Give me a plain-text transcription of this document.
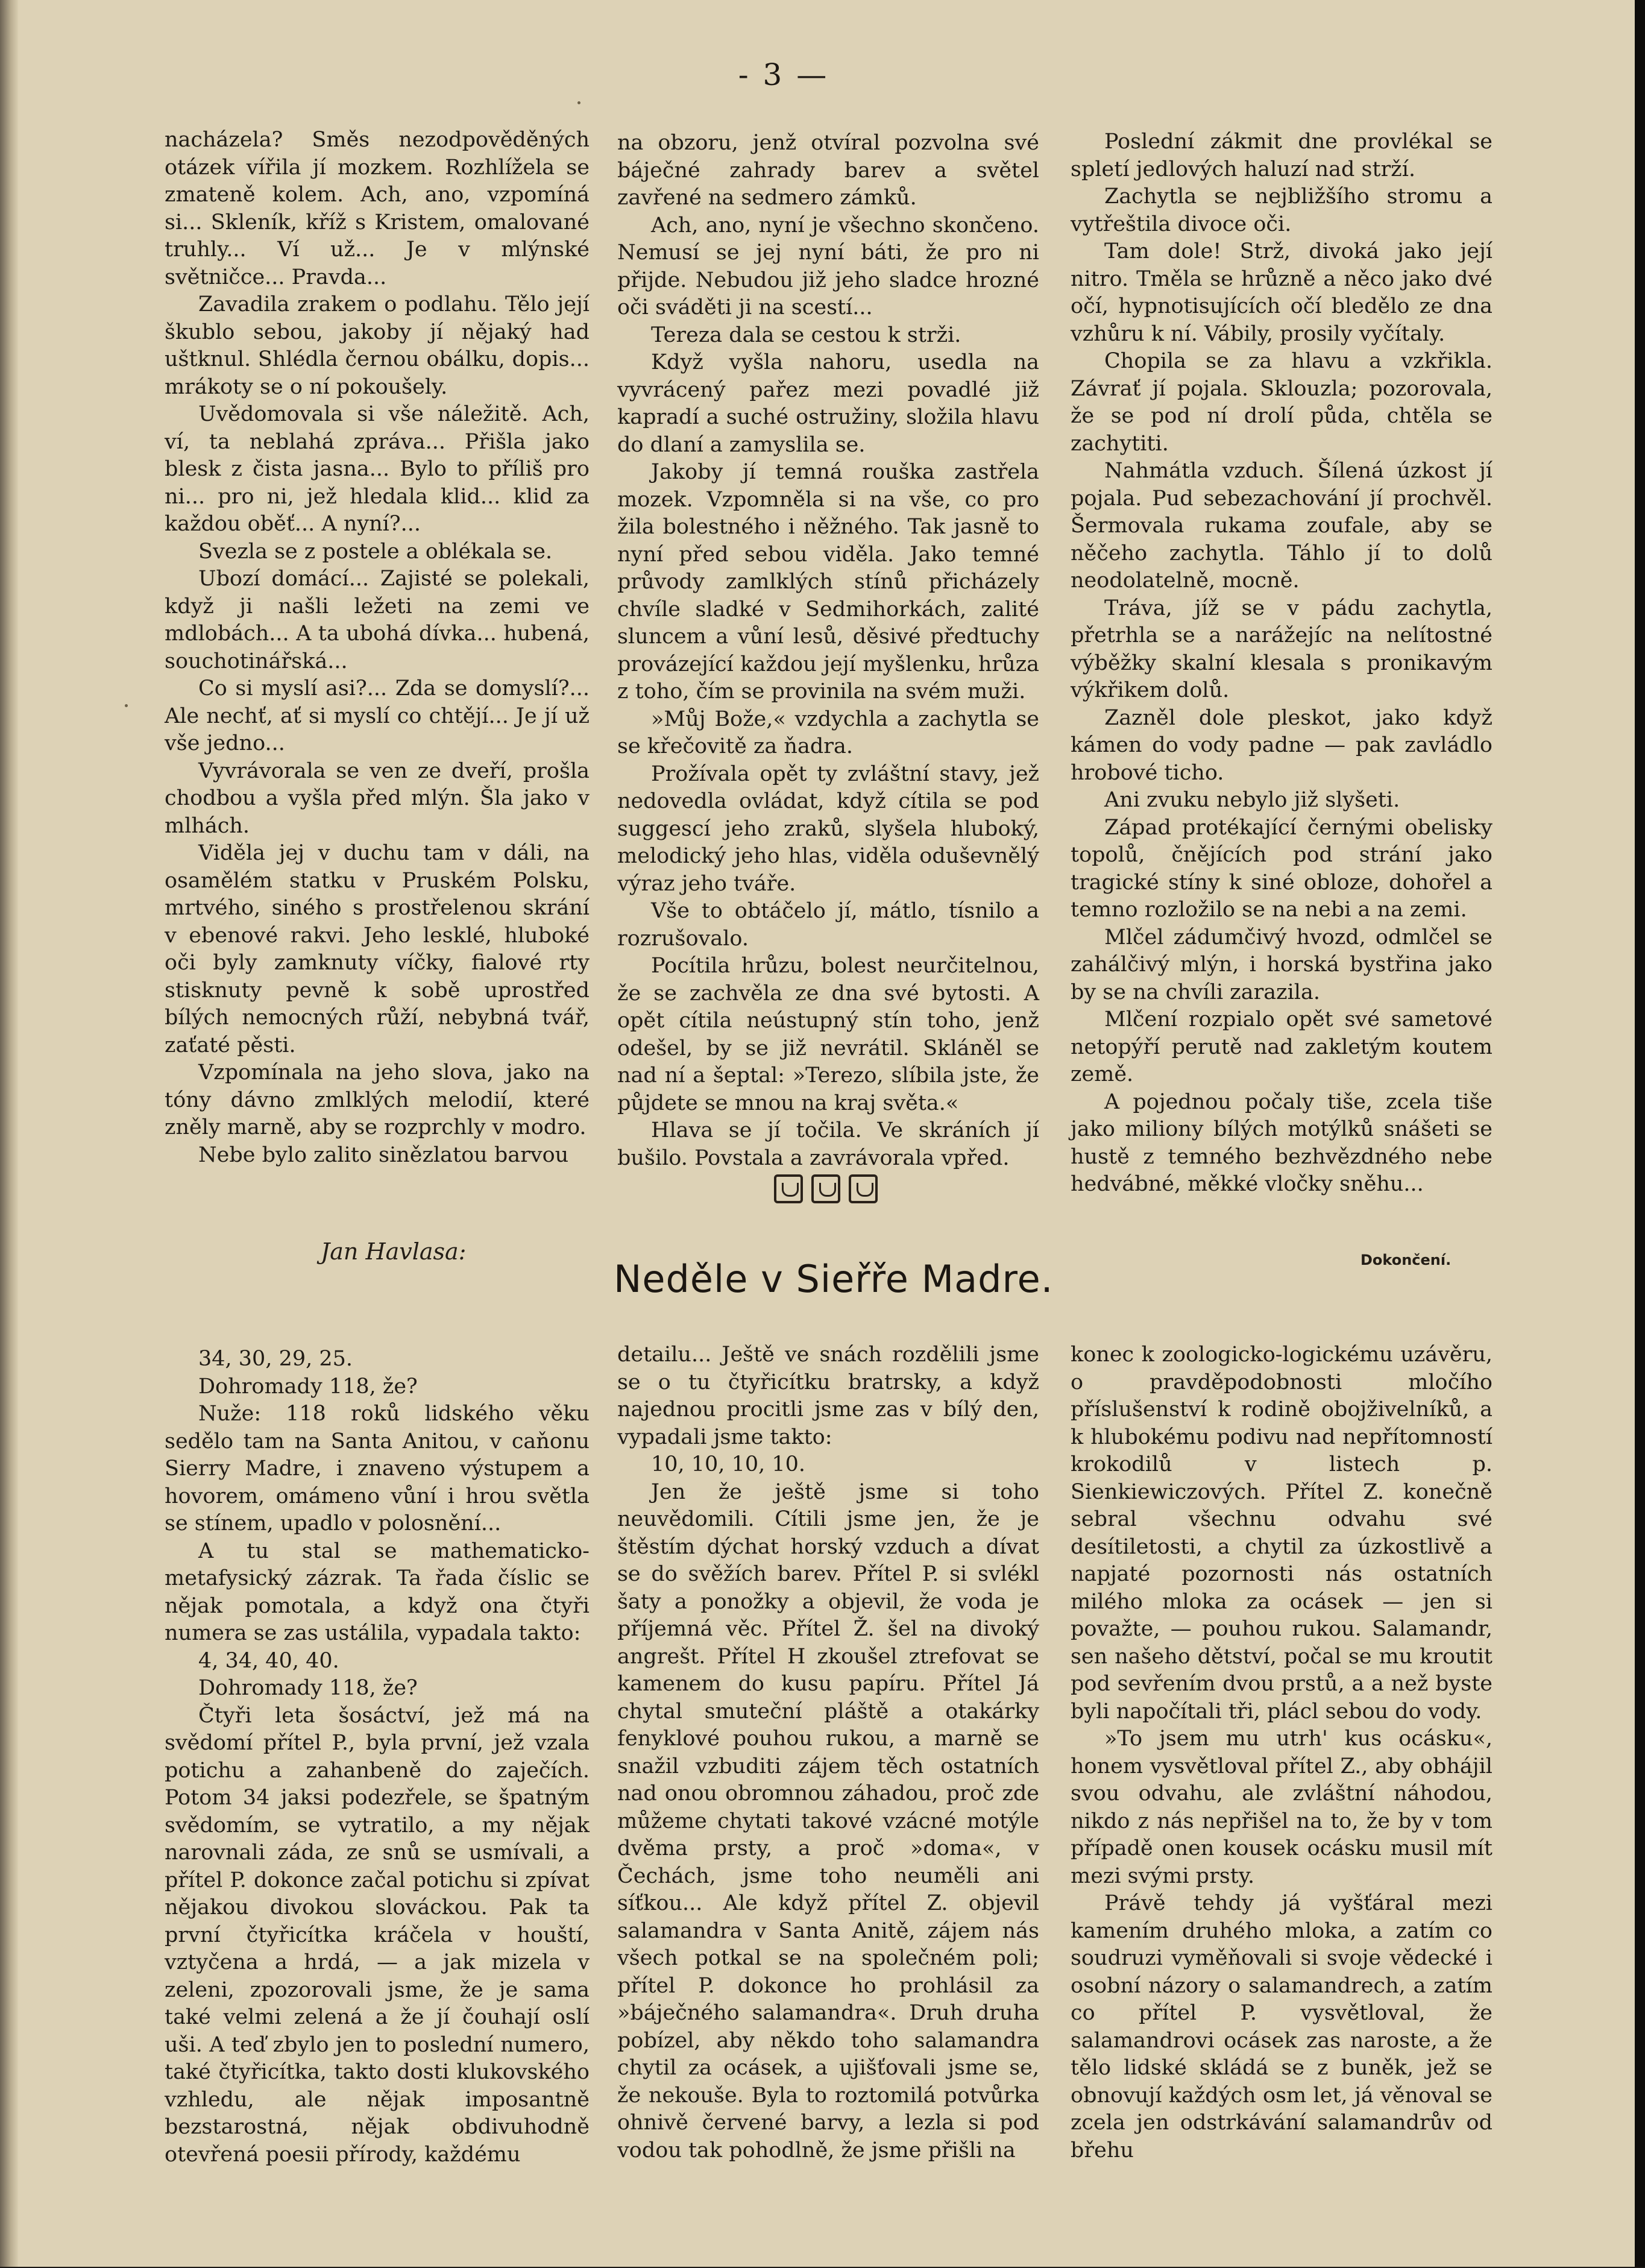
- 3 —

nacházela? Směs nezodpověděných otázek vířila jí mozkem. Rozhlížela se zmateně kolem. Ach, ano, vzpomíná si... Skleník, kříž s Kristem, omalované truhly... Ví už... Je v mlýnské světničce... Pravda...

Zavadila zrakem o podlahu. Tělo její škublo sebou, jakoby jí nějaký had uštknul. Shlédla černou obálku, dopis... mrákoty se o ní pokoušely.

Uvědomovala si vše náležitě. Ach, ví, ta neblahá zpráva... Přišla jako blesk z čista jasna... Bylo to příliš pro ni... pro ni, jež hledala klid... klid za každou oběť... A nyní?...

Svezla se z postele a oblékala se.

Ubozí domácí... Zajisté se polekali, když ji našli ležeti na zemi ve mdlobách... A ta ubohá dívka... hubená, souchotinářská...

Co si myslí asi?... Zda se domyslí?... Ale nechť, ať si myslí co chtějí... Je jí už vše jedno...

Vyvrávorala se ven ze dveří, prošla chodbou a vyšla před mlýn. Šla jako v mlhách.

Viděla jej v duchu tam v dáli, na osamělém statku v Pruském Polsku, mrtvého, siného s prostřelenou skrání v ebenové rakvi. Jeho lesklé, hluboké oči byly zamknuty víčky, fialové rty stisknuty pevně k sobě uprostřed bílých nemocných růží, nebybná tvář, zaťaté pěsti.

Vzpomínala na jeho slova, jako na tóny dávno zmlklých melodií, které zněly marně, aby se rozprchly v modro.

Nebe bylo zalito sinězlatou barvou

na obzoru, jenž otvíral pozvolna své báječné zahrady barev a světel zavřené na sedmero zámků.

Ach, ano, nyní je všechno skončeno. Nemusí se jej nyní báti, že pro ni přijde. Nebudou již jeho sladce hrozné oči sváděti ji na scestí...

Tereza dala se cestou k strži.

Když vyšla nahoru, usedla na vyvrácený pařez mezi povadlé již kapradí a suché ostružiny, složila hlavu do dlaní a zamyslila se.

Jakoby jí temná rouška zastřela mozek. Vzpomněla si na vše, co pro žila bolestného i něžného. Tak jasně to nyní před sebou viděla. Jako temné průvody zamlklých stínů přicházely chvíle sladké v Sedmihorkách, zalité sluncem a vůní lesů, děsivé předtuchy provázející každou její myšlenku, hrůza z toho, čím se provinila na svém muži.

»Můj Bože,« vzdychla a zachytla se se křečovitě za ňadra.

Prožívala opět ty zvláštní stavy, jež nedovedla ovládat, když cítila se pod suggescí jeho zraků, slyšela hluboký, melodický jeho hlas, viděla oduševnělý výraz jeho tváře.

Vše to obtáčelo jí, mátlo, tísnilo a rozrušovalo.

Pocítila hrůzu, bolest neurčitelnou, že se zachvěla ze dna své bytosti. A opět cítila neústupný stín toho, jenž odešel, by se již nevrátil. Skláněl se nad ní a šeptal: »Terezo, slíbila jste, že půjdete se mnou na kraj světa.«

Hlava se jí točila. Ve skráních jí bušilo. Povstala a zavrávorala vpřed.

Poslední zákmit dne provlékal se spletí jedlových haluzí nad strží.

Zachytla se nejbližšího stromu a vytřeštila divoce oči.

Tam dole! Strž, divoká jako její nitro. Tměla se hrůzně a něco jako dvé očí, hypnotisujících očí bledělo ze dna vzhůru k ní. Vábily, prosily vyčítaly.

Chopila se za hlavu a vzkřikla. Závrať jí pojala. Sklouzla; pozorovala, že se pod ní drolí půda, chtěla se zachytiti.

Nahmátla vzduch. Šílená úzkost jí pojala. Pud sebezachování jí prochvěl. Šermovala rukama zoufale, aby se něčeho zachytla. Táhlo jí to dolů neodolatelně, mocně.

Tráva, jíž se v pádu zachytla, přetrhla se a narážejíc na nelítostné výběžky skalní klesala s pronikavým výkřikem dolů.

Zazněl dole pleskot, jako když kámen do vody padne — pak zavládlo hrobové ticho.

Ani zvuku nebylo již slyšeti.

Západ protékající černými obelisky topolů, čnějících pod strání jako tragické stíny k siné obloze, dohořel a temno rozložilo se na nebi a na zemi.

Mlčel zádumčivý hvozd, odmlčel se zahálčivý mlýn, i horská bystřina jako by se na chvíli zarazila.

Mlčení rozpialo opět své sametové netopýří perutě nad zakletým koutem země.

A pojednou počaly tiše, zcela tiše jako miliony bílých motýlků snášeti se hustě z temného bezhvězdného nebe hedvábné, měkké vločky sněhu...

Jan Havlasa:
Neděle v Sieřře Madre.	Dokončení.

34, 30, 29, 25.

Dohromady 118, že?

Nuže: 118 roků lidského věku sedělo tam na Santa Anitou, v caňonu Sierry Madre, i znaveno výstupem a hovorem, omámeno vůní i hrou světla se stínem, upadlo v polosnění...

A tu stal se mathematicko-metafysický zázrak. Ta řada číslic se nějak pomotala, a když ona čtyři numera se zas ustálila, vypadala takto:

4, 34, 40, 40.

Dohromady 118, že?

Čtyři leta šosáctví, jež má na svědomí přítel P., byla první, jež vzala potichu a zahanbeně do zaječích. Potom 34 jaksi podezřele, se špatným svědomím, se vytratilo, a my nějak narovnali záda, ze snů se usmívali, a přítel P. dokonce začal potichu si zpívat nějakou divokou slováckou. Pak ta první čtyřicítka kráčela v houští, vztyčena a hrdá, — a jak mizela v zeleni, zpozorovali jsme, že je sama také velmi zelená a že jí čouhají oslí uši. A teď zbylo jen to poslední numero, také čtyřicítka, takto dosti klukovského vzhledu, ale nějak imposantně bezstarostná, nějak obdivuhodně otevřená poesii přírody, každému

detailu... Ještě ve snách rozdělili jsme se o tu čtyřicítku bratrsky, a když najednou procitli jsme zas v bílý den, vypadali jsme takto:

10, 10, 10, 10.

Jen že ještě jsme si toho neuvědomili. Cítili jsme jen, že je štěstím dýchat horský vzduch a dívat se do svěžích barev. Přítel P. si svlékl šaty a ponožky a objevil, že voda je příjemná věc. Přítel Ž. šel na divoký angrešt. Přítel H zkoušel ztrefovat se kamenem do kusu papíru. Přítel Já chytal smuteční pláště a otakárky fenyklové pouhou rukou, a marně se snažil vzbuditi zájem těch ostatních nad onou obromnou záhadou, proč zde můžeme chytati takové vzácné motýle dvěma prsty, a proč »doma«, v Čechách, jsme toho neuměli ani síťkou... Ale když přítel Z. objevil salamandra v Santa Anitě, zájem nás všech potkal se na společném poli; přítel P. dokonce ho prohlásil za »báječného salamandra«. Druh druha pobízel, aby někdo toho salamandra chytil za ocásek, a ujišťovali jsme se, že nekouše. Byla to roztomilá potvůrka ohnivě červené barvy, a lezla si pod vodou tak pohodlně, že jsme přišli na

konec k zoologicko-logickému uzávěru, o pravděpodobnosti mločího příslušenství k rodině obojživelníků, a k hlubokému podivu nad nepřítomností krokodilů v listech p. Sienkiewiczových. Přítel Z. konečně sebral všechnu odvahu své desítiletosti, a chytil za úzkostlivě a napjaté pozornosti nás ostatních milého mloka za ocásek — jen si považte, — pouhou rukou. Salamandr, sen našeho dětství, počal se mu kroutit pod sevřením dvou prstů, a a než byste byli napočítali tři, plácl sebou do vody.

»To jsem mu utrh' kus ocásku«, honem vysvětloval přítel Z., aby obhájil svou odvahu, ale zvláštní náhodou, nikdo z nás nepřišel na to, že by v tom případě onen kousek ocásku musil mít mezi svými prsty.

Právě tehdy já vyšťáral mezi kamením druhého mloka, a zatím co soudruzi vyměňovali si svoje vědecké i osobní názory o salamandrech, a zatím co přítel P. vysvětloval, že salamandrovi ocásek zas naroste, a že tělo lidské skládá se z buněk, jež se obnovují každých osm let, já věnoval se zcela jen odstrkávání salamandrův od břehu
